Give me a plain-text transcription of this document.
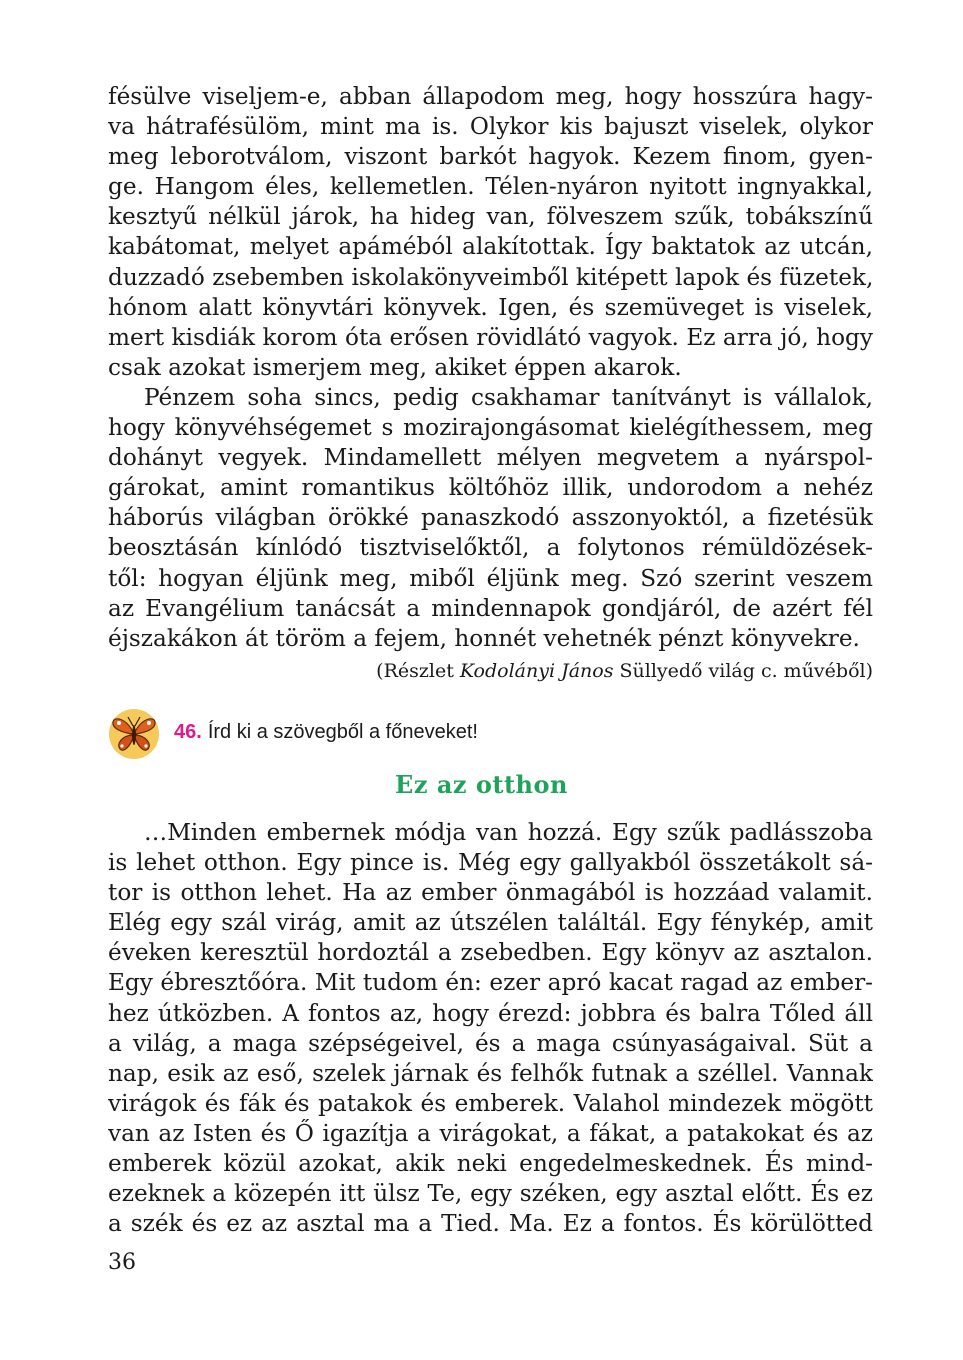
fésülve viseljem-e, abban állapodom meg, hogy hosszúra hagy-
va hátrafésülöm, mint ma is. Olykor kis bajuszt viselek, olykor
meg leborotválom, viszont barkót hagyok. Kezem finom, gyen-
ge. Hangom éles, kellemetlen. Télen-nyáron nyitott ingnyakkal,
kesztyű nélkül járok, ha hideg van, fölveszem szűk, tobákszínű
kabátomat, melyet apáméból alakítottak. Így baktatok az utcán,
duzzadó zsebemben iskolakönyveimből kitépett lapok és füzetek,
hónom alatt könyvtári könyvek. Igen, és szemüveget is viselek,
mert kisdiák korom óta erősen rövidlátó vagyok. Ez arra jó, hogy
csak azokat ismerjem meg, akiket éppen akarok.
Pénzem soha sincs, pedig csakhamar tanítványt is vállalok,
hogy könyvéhségemet s mozirajongásomat kielégíthessem, meg
dohányt vegyek. Mindamellett mélyen megvetem a nyárspol-
gárokat, amint romantikus költőhöz illik, undorodom a nehéz
háborús világban örökké panaszkodó asszonyoktól, a fizetésük
beosztásán kínlódó tisztviselőktől, a folytonos rémüldözések-
től: hogyan éljünk meg, miből éljünk meg. Szó szerint veszem
az Evangélium tanácsát a mindennapok gondjáról, de azért fél
éjszakákon át töröm a fejem, honnét vehetnék pénzt könyvekre.
(Részlet Kodolányi János Süllyedő világ c. művéből)
46. Írd ki a szövegből a főneveket!
Ez az otthon
…Minden embernek módja van hozzá. Egy szűk padlásszoba
is lehet otthon. Egy pince is. Még egy gallyakból összetákolt sá-
tor is otthon lehet. Ha az ember önmagából is hozzáad valamit.
Elég egy szál virág, amit az útszélen találtál. Egy fénykép, amit
éveken keresztül hordoztál a zsebedben. Egy könyv az asztalon.
Egy ébresztőóra. Mit tudom én: ezer apró kacat ragad az ember-
hez útközben. A fontos az, hogy érezd: jobbra és balra Tőled áll
a világ, a maga szépségeivel, és a maga csúnyaságaival. Süt a
nap, esik az eső, szelek járnak és felhők futnak a széllel. Vannak
virágok és fák és patakok és emberek. Valahol mindezek mögött
van az Isten és Ő igazítja a virágokat, a fákat, a patakokat és az
emberek közül azokat, akik neki engedelmeskednek. És mind-
ezeknek a közepén itt ülsz Te, egy széken, egy asztal előtt. És ez
a szék és ez az asztal ma a Tied. Ma. Ez a fontos. És körülötted
36
